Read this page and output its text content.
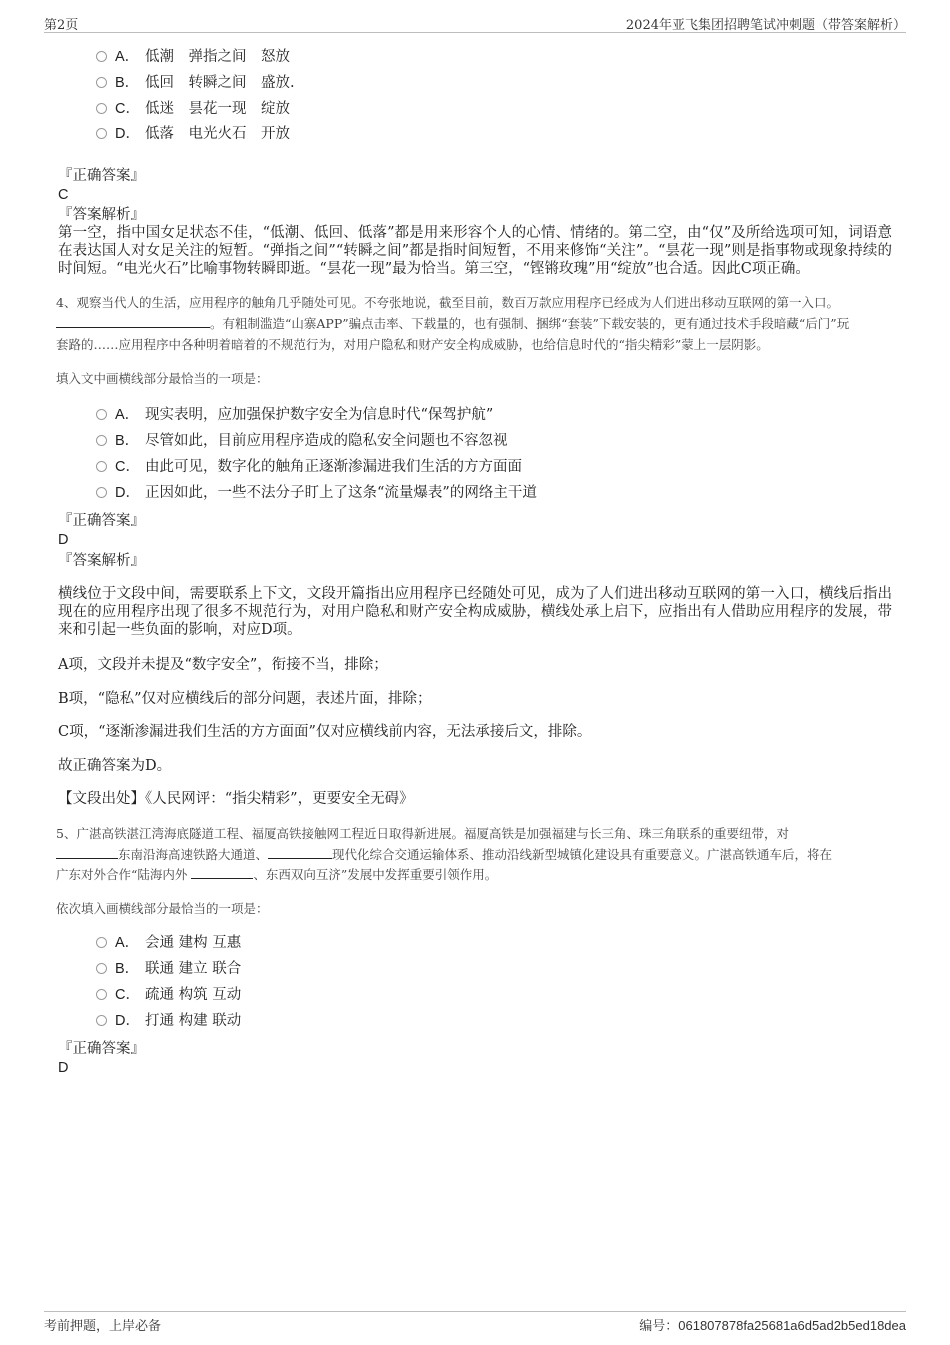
第2页	2024年亚飞集团招聘笔试冲刺题（带答案解析）
A． 低潮　弹指之间　怒放
B． 低回　转瞬之间　盛放.
C． 低迷　昙花一现　绽放
D． 低落　电光火石　开放
『正确答案』
C
『答案解析』
第一空，指中国女足状态不佳，“低潮、低回、低落”都是用来形容个人的心情、情绪的。第二空，由“仅”及所给选项可知，词语意在表达国人对女足关注的短暂。“弹指之间”“转瞬之间”都是指时间短暂，不用来修饰“关注”。“昙花一现”则是指事物或现象持续的时间短。“电光火石”比喻事物转瞬即逝。“昙花一现”最为恰当。第三空，“铿锵玫瑰”用“绽放”也合适。因此C项正确。
4、观察当代人的生活，应用程序的触角几乎随处可见。不夸张地说，截至目前，数百万款应用程序已经成为人们进出移动互联网的第一入口。
。有粗制滥造“山寨APP”骗点击率、下载量的，也有强制、捆绑“套装”下载安装的，更有通过技术手段暗藏“后门”玩
套路的……应用程序中各种明着暗着的不规范行为，对用户隐私和财产安全构成威胁，也给信息时代的“指尖精彩”蒙上一层阴影。
填入文中画横线部分最恰当的一项是：
A． 现实表明，应加强保护数字安全为信息时代“保驾护航”
B． 尽管如此，目前应用程序造成的隐私安全问题也不容忽视
C． 由此可见，数字化的触角正逐渐渗漏进我们生活的方方面面
D． 正因如此，一些不法分子盯上了这条“流量爆表”的网络主干道
『正确答案』
D
『答案解析』
横线位于文段中间，需要联系上下文，文段开篇指出应用程序已经随处可见，成为了人们进出移动互联网的第一入口，横线后指出现在的应用程序出现了很多不规范行为，对用户隐私和财产安全构成威胁，横线处承上启下，应指出有人借助应用程序的发展，带来和引起一些负面的影响，对应D项。
A项，文段并未提及“数字安全”，衔接不当，排除；
B项，“隐私”仅对应横线后的部分问题，表述片面，排除；
C项，“逐渐渗漏进我们生活的方方面面”仅对应横线前内容，无法承接后文，排除。
故正确答案为D。
【文段出处】《人民网评：“指尖精彩”，更要安全无碍》
5、广湛高铁湛江湾海底隧道工程、福厦高铁接触网工程近日取得新进展。福厦高铁是加强福建与长三角、珠三角联系的重要纽带，对
东南沿海高速铁路大通道、	现代化综合交通运输体系、推动沿线新型城镇化建设具有重要意义。广湛高铁通车后，将在
广东对外合作“陆海内外	、东西双向互济”发展中发挥重要引领作用。
依次填入画横线部分最恰当的一项是：
A． 会通 建构 互惠
B． 联通 建立 联合
C． 疏通 构筑 互动
D． 打通 构建 联动
『正确答案』
D
考前押题，上岸必备	编号：061807878fa25681a6d5ad2b5ed18dea
